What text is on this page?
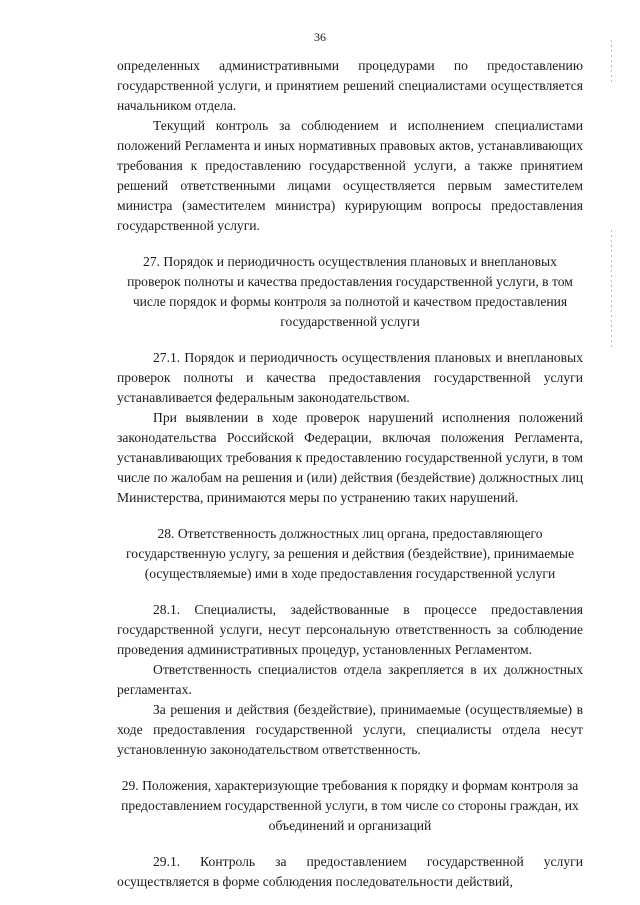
36

определенных административными процедурами по предоставлению государственной услуги, и принятием решений специалистами осуществляется начальником отдела.

Текущий контроль за соблюдением и исполнением специалистами положений Регламента и иных нормативных правовых актов, устанавливающих требования к предоставлению государственной услуги, а также принятием решений ответственными лицами осуществляется первым заместителем министра (заместителем министра) курирующим вопросы предоставления государственной услуги.

27. Порядок и периодичность осуществления плановых и внеплановых проверок полноты и качества предоставления государственной услуги, в том числе порядок и формы контроля за полнотой и качеством предоставления государственной услуги

27.1. Порядок и периодичность осуществления плановых и внеплановых проверок полноты и качества предоставления государственной услуги устанавливается федеральным законодательством.

При выявлении в ходе проверок нарушений исполнения положений законодательства Российской Федерации, включая положения Регламента, устанавливающих требования к предоставлению государственной услуги, в том числе по жалобам на решения и (или) действия (бездействие) должностных лиц Министерства, принимаются меры по устранению таких нарушений.

28. Ответственность должностных лиц органа, предоставляющего государственную услугу, за решения и действия (бездействие), принимаемые (осуществляемые) ими в ходе предоставления государственной услуги

28.1. Специалисты, задействованные в процессе предоставления государственной услуги, несут персональную ответственность за соблюдение проведения административных процедур, установленных Регламентом.

Ответственность специалистов отдела закрепляется в их должностных регламентах.

За решения и действия (бездействие), принимаемые (осуществляемые) в ходе предоставления государственной услуги, специалисты отдела несут установленную законодательством ответственность.

29. Положения, характеризующие требования к порядку и формам контроля за предоставлением государственной услуги, в том числе со стороны граждан, их объединений и организаций

29.1. Контроль за предоставлением государственной услуги осуществляется в форме соблюдения последовательности действий,
